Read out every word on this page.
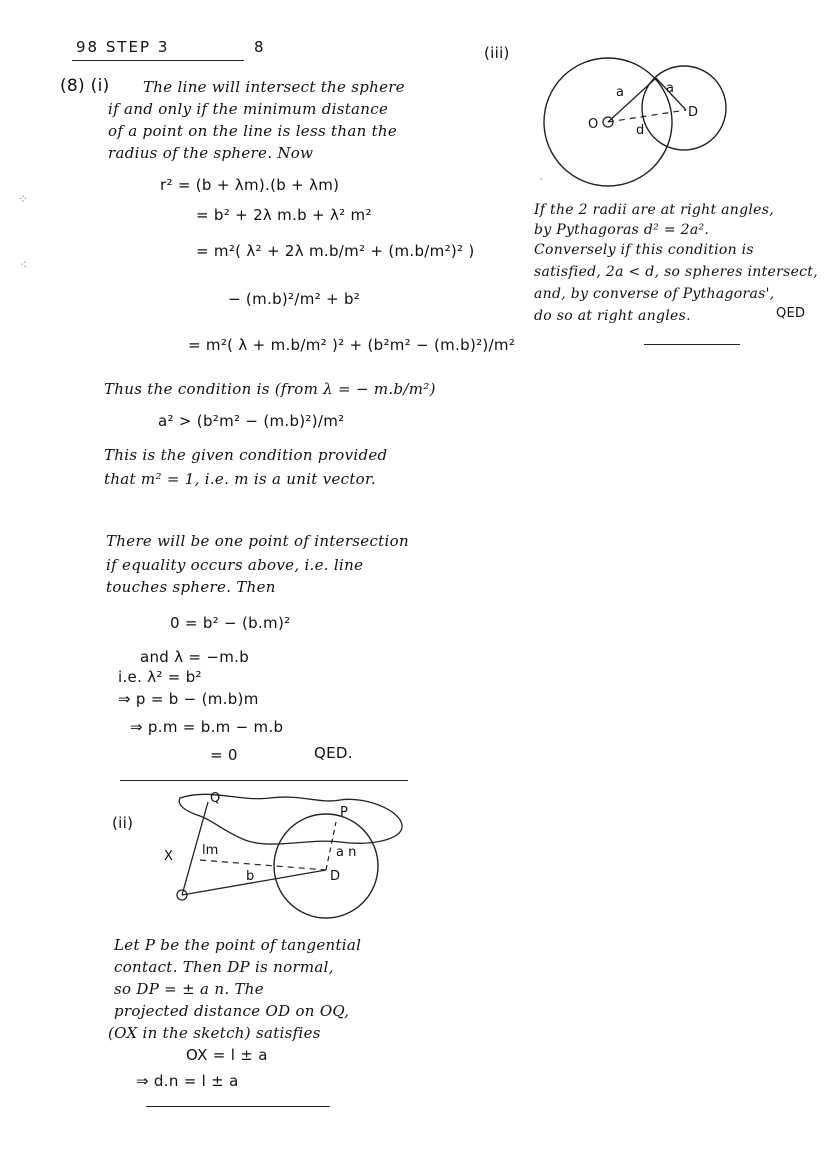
98 STEP 3	8
(8) (i) The line will intersect the sphere
if and only if the minimum distance
of a point on the line is less than the
radius of the sphere. Now
r² = (b + λm).(b + λm)
= b² + 2λ m.b + λ² m²
= m²( λ² + 2λ m.b/m² + (m.b/m²)² )
− (m.b)²/m² + b²
= m²( λ + m.b/m² )² + (b²m² − (m.b)²)/m²
Thus the condition is (from λ = − m.b/m²)
a² > (b²m² − (m.b)²)/m²
This is the given condition provided
that m² = 1, i.e. m is a unit vector.
There will be one point of intersection
if equality occurs above, i.e. line
touches sphere. Then
0 = b² − (b.m)²
and λ = −m.b
i.e. λ² = b²
⇒ p = b − (m.b)m
⇒ p.m = b.m − m.b
= 0	QED.
(ii)
Q
P
X lm
b
a n
D
Let P be the point of tangential
contact. Then DP is normal,
so DP = ± a n. The
projected distance OD on OQ,
(OX in the sketch) satisfies
OX = l ± a
⇒ d.n = l ± a
(iii)
a	a
d
O
D
If the 2 radii are at right angles,
by Pythagoras d² = 2a².
Conversely if this condition is
satisfied, 2a < d, so spheres intersect,
and, by converse of Pythagoras',
do so at right angles.	QED
⁘
⁖
‵
